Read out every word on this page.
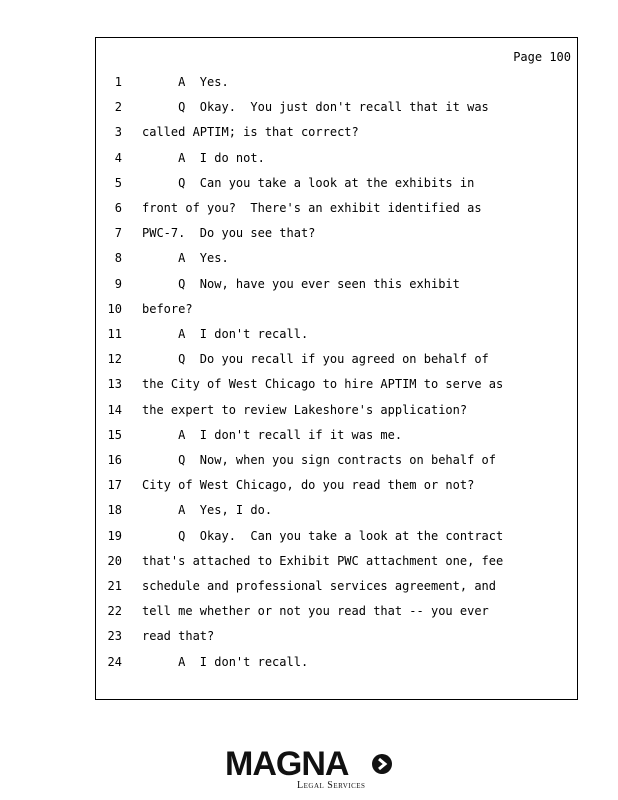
Page 100
1 A  Yes.
2 Q  Okay.  You just don't recall that it was
3 called APTIM; is that correct?
4 A  I do not.
5 Q  Can you take a look at the exhibits in
6 front of you?  There's an exhibit identified as
7 PWC-7.  Do you see that?
8 A  Yes.
9 Q  Now, have you ever seen this exhibit
10 before?
11 A  I don't recall.
12 Q  Do you recall if you agreed on behalf of
13 the City of West Chicago to hire APTIM to serve as
14 the expert to review Lakeshore's application?
15 A  I don't recall if it was me.
16 Q  Now, when you sign contracts on behalf of
17 City of West Chicago, do you read them or not?
18 A  Yes, I do.
19 Q  Okay.  Can you take a look at the contract
20 that's attached to Exhibit PWC attachment one, fee
21 schedule and professional services agreement, and
22 tell me whether or not you read that -- you ever
23 read that?
24 A  I don't recall.
MAGNA
Legal Services
